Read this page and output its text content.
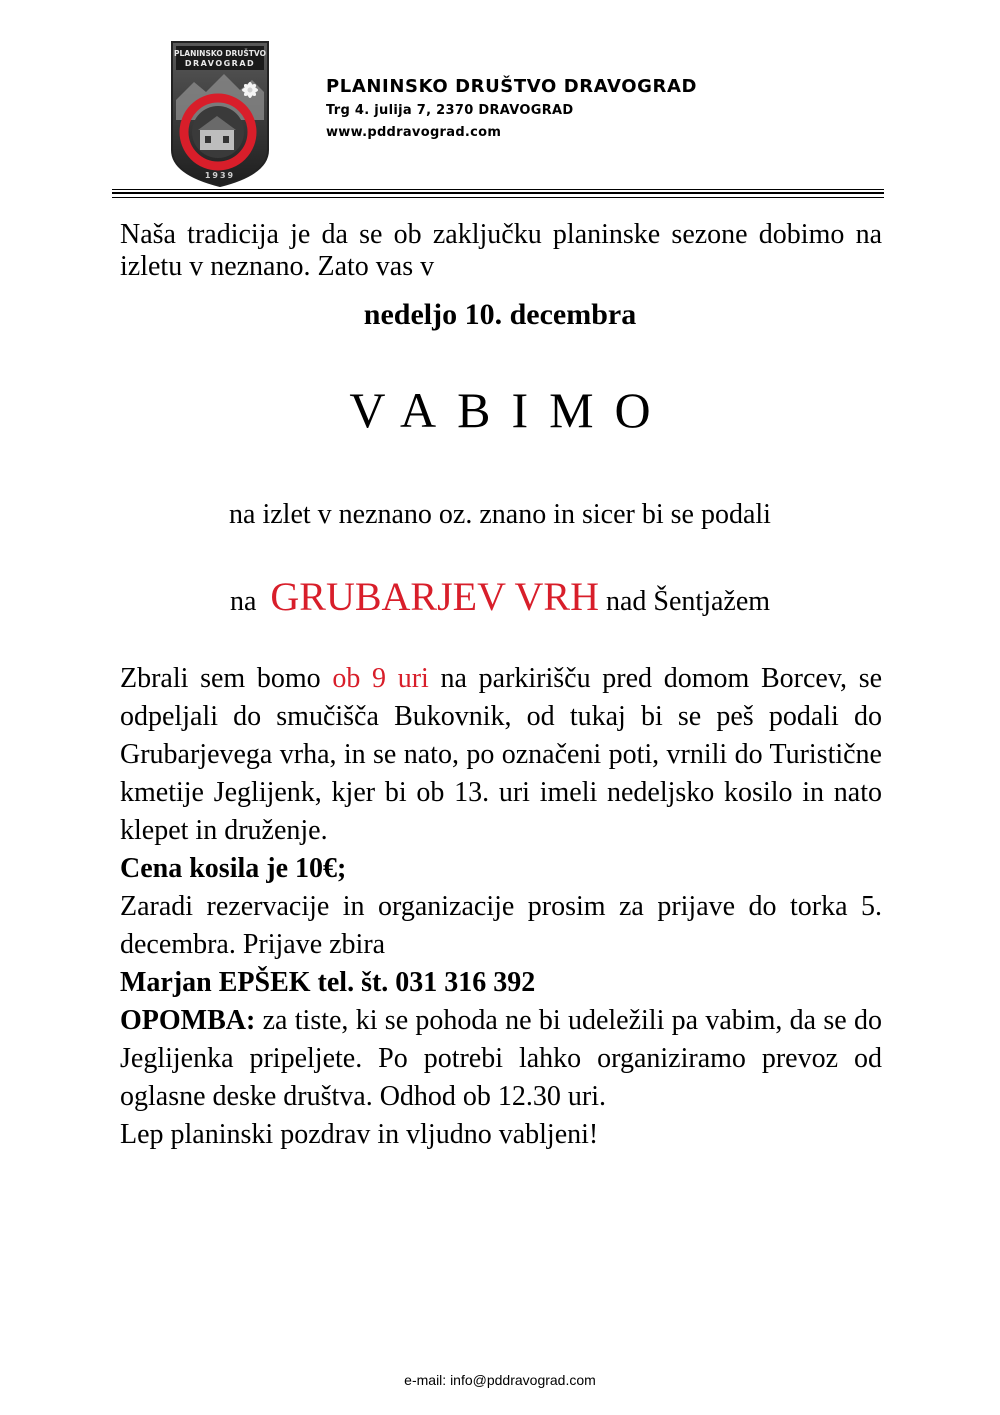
PLANINSKO DRUŠTVO
DRAVOGRAD
1939
PLANINSKO DRUŠTVO DRAVOGRAD
Trg 4. julija 7, 2370 DRAVOGRAD
www.pddravograd.com
Naša tradicija je da se ob zaključku planinske sezone dobimo na izletu v neznano. Zato vas v
nedeljo 10. decembra
VABIMO
na izlet v neznano oz. znano in sicer bi se podali
na GRUBARJEV VRH nad Šentjažem
Zbrali sem bomo ob 9 uri na parkirišču pred domom Borcev, se odpeljali do smučišča Bukovnik, od tukaj bi se peš podali do Grubarjevega vrha, in se nato, po označeni poti, vrnili do Turistične kmetije Jeglijenk, kjer bi ob 13. uri imeli nedeljsko kosilo in nato klepet in druženje.
Cena kosila je 10€;
Zaradi rezervacije in organizacije prosim za prijave do torka 5. decembra. Prijave zbira
Marjan EPŠEK tel. št. 031 316 392
OPOMBA: za tiste, ki se pohoda ne bi udeležili pa vabim, da se do Jeglijenka pripeljete. Po potrebi lahko organiziramo prevoz od oglasne deske društva. Odhod ob 12.30 uri.
Lep planinski pozdrav in vljudno vabljeni!
e-mail: info@pddravograd.com
